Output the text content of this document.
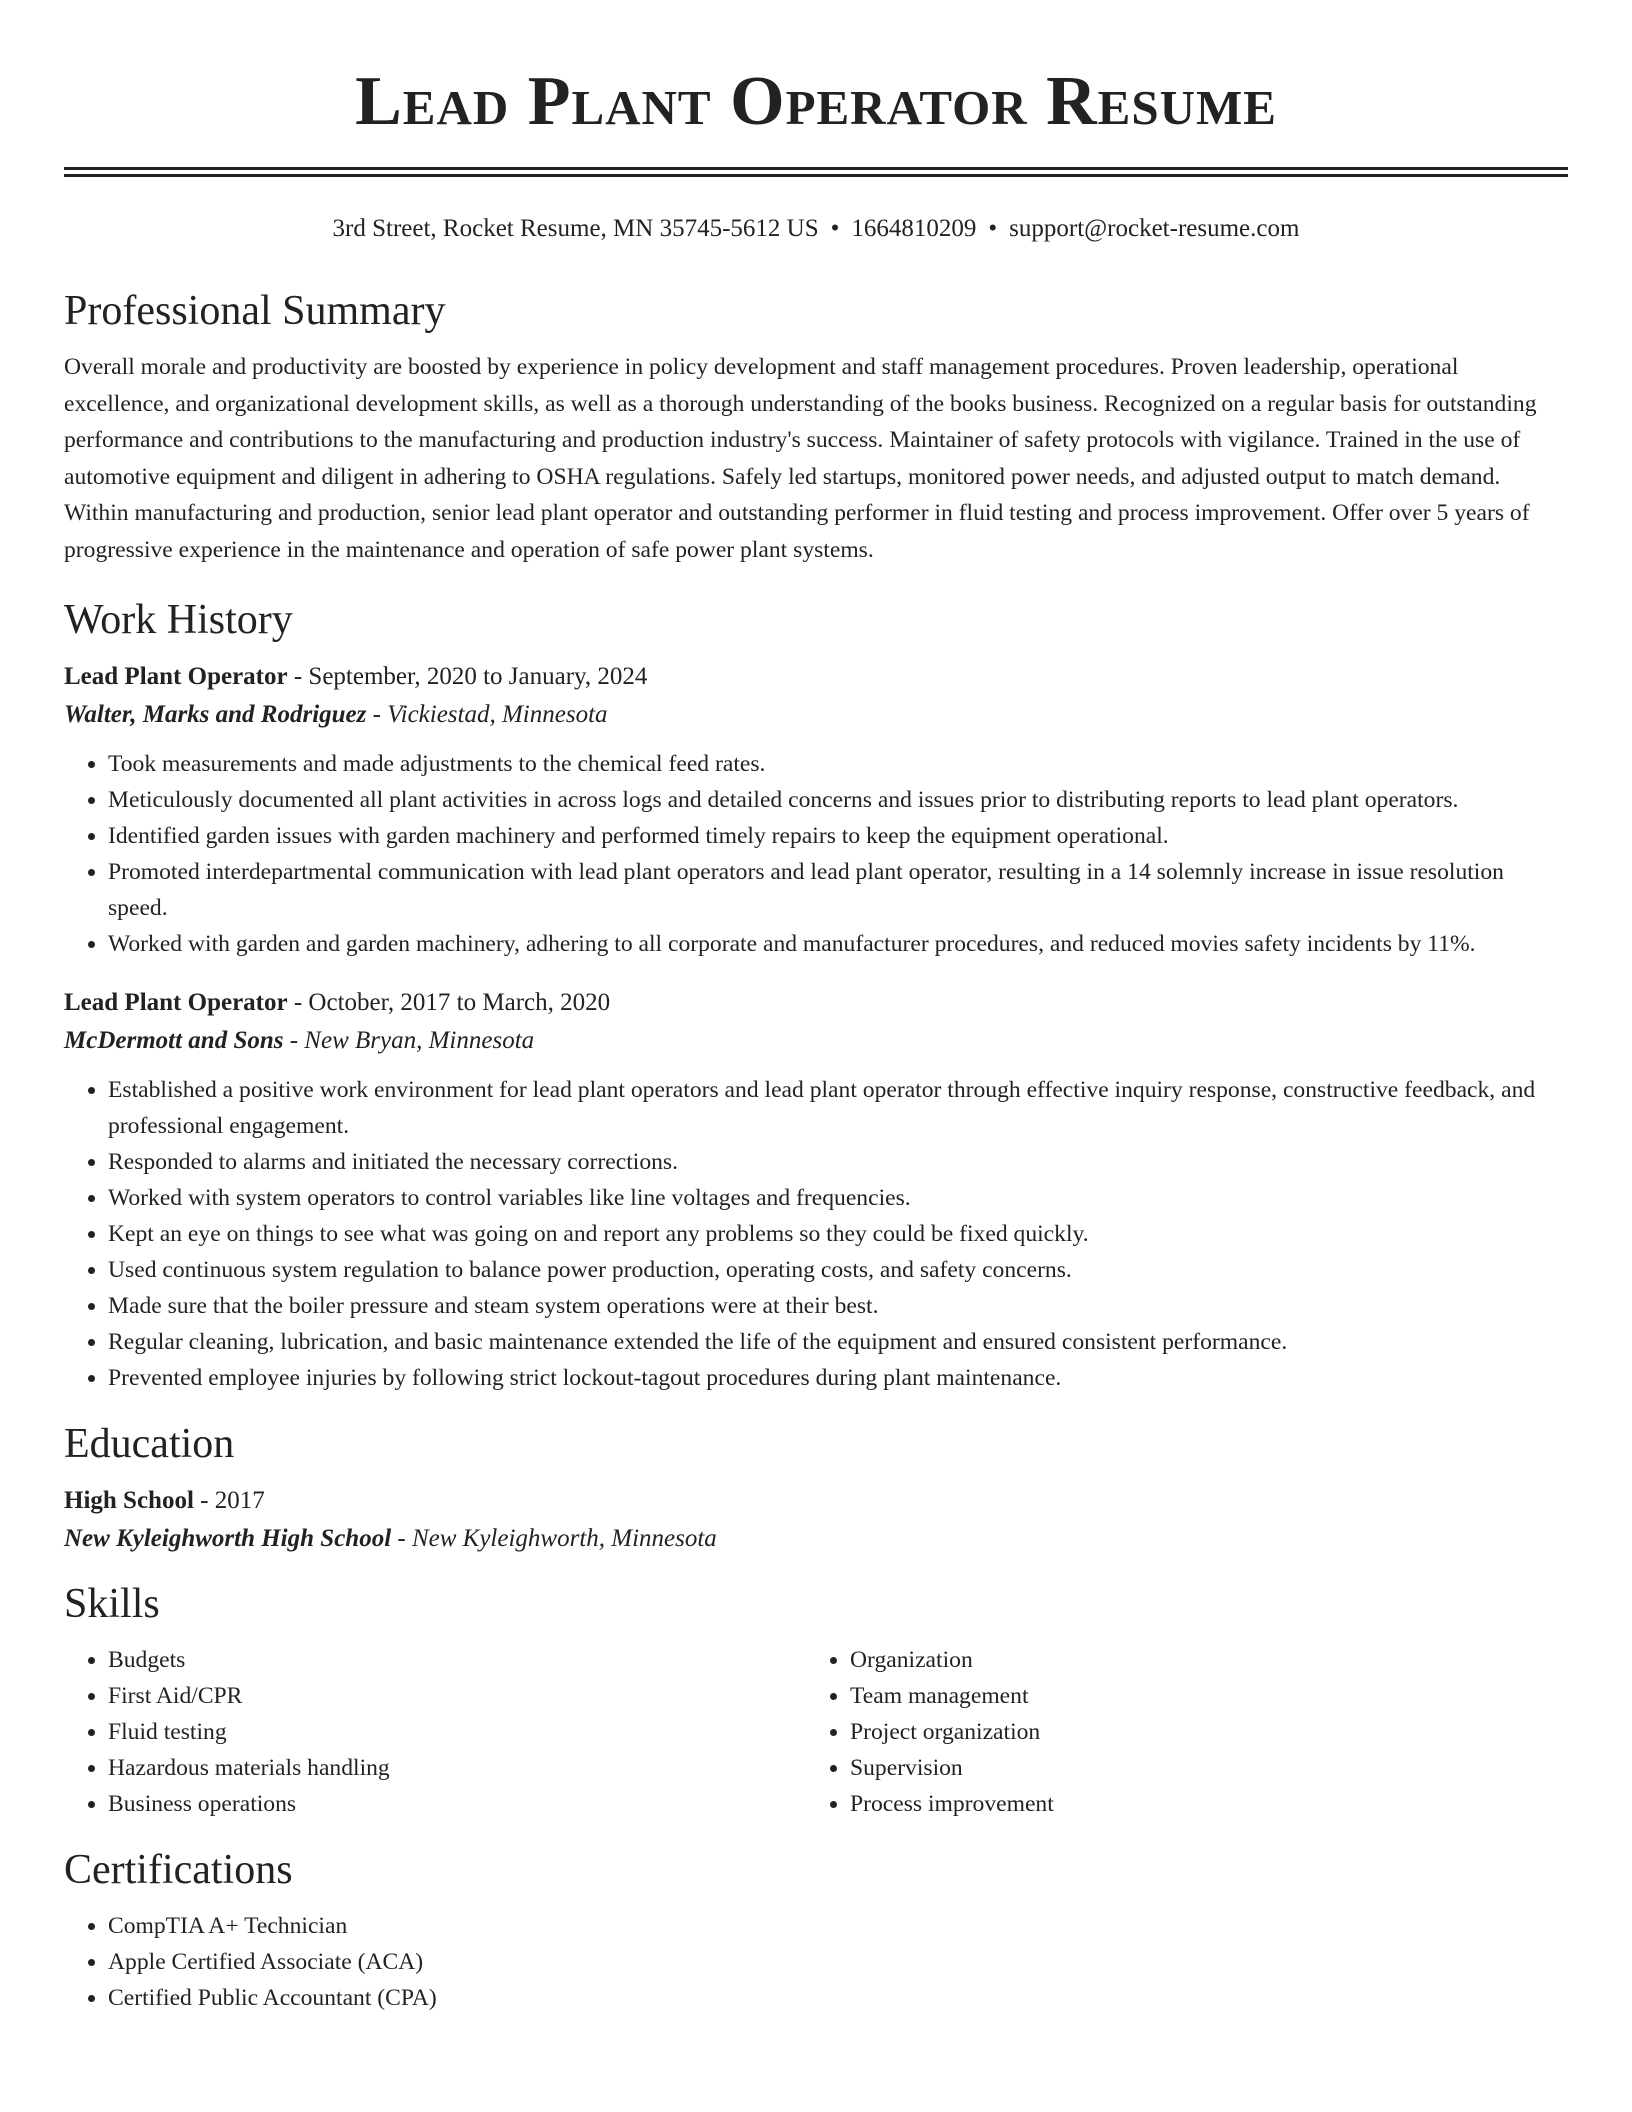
Lead Plant Operator Resume
3rd Street, Rocket Resume, MN 35745-5612 US • 1664810209 • support@rocket-resume.com
Professional Summary

Overall morale and productivity are boosted by experience in policy development and staff management procedures. Proven leadership, operational excellence, and organizational development skills, as well as a thorough understanding of the books business. Recognized on a regular basis for outstanding performance and contributions to the manufacturing and production industry's success. Maintainer of safety protocols with vigilance. Trained in the use of automotive equipment and diligent in adhering to OSHA regulations. Safely led startups, monitored power needs, and adjusted output to match demand. Within manufacturing and production, senior lead plant operator and outstanding performer in fluid testing and process improvement. Offer over 5 years of progressive experience in the maintenance and operation of safe power plant systems.

Work History
Lead Plant Operator - September, 2020 to January, 2024
Walter, Marks and Rodriguez - Vickiestad, Minnesota
• Took measurements and made adjustments to the chemical feed rates.
• Meticulously documented all plant activities in across logs and detailed concerns and issues prior to distributing reports to lead plant operators.
• Identified garden issues with garden machinery and performed timely repairs to keep the equipment operational.
• Promoted interdepartmental communication with lead plant operators and lead plant operator, resulting in a 14 solemnly increase in issue resolution speed.
• Worked with garden and garden machinery, adhering to all corporate and manufacturer procedures, and reduced movies safety incidents by 11%.
Lead Plant Operator - October, 2017 to March, 2020
McDermott and Sons - New Bryan, Minnesota
• Established a positive work environment for lead plant operators and lead plant operator through effective inquiry response, constructive feedback, and professional engagement.
• Responded to alarms and initiated the necessary corrections.
• Worked with system operators to control variables like line voltages and frequencies.
• Kept an eye on things to see what was going on and report any problems so they could be fixed quickly.
• Used continuous system regulation to balance power production, operating costs, and safety concerns.
• Made sure that the boiler pressure and steam system operations were at their best.
• Regular cleaning, lubrication, and basic maintenance extended the life of the equipment and ensured consistent performance.
• Prevented employee injuries by following strict lockout-tagout procedures during plant maintenance.
Education
High School - 2017
New Kyleighworth High School - New Kyleighworth, Minnesota
Skills
• Budgets
• First Aid/CPR
• Fluid testing
• Hazardous materials handling
• Business operations
• Organization
• Team management
• Project organization
• Supervision
• Process improvement
Certifications
• CompTIA A+ Technician
• Apple Certified Associate (ACA)
• Certified Public Accountant (CPA)
